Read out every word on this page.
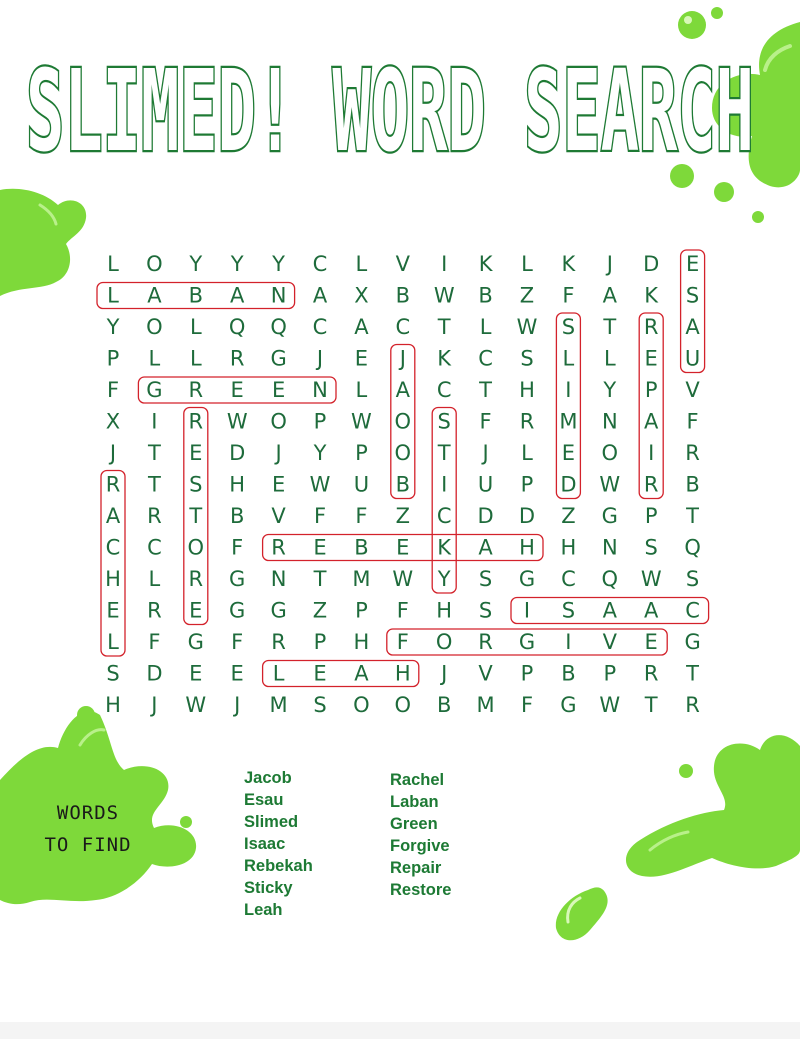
SLIMED! WORD SEARCH
L O Y Y Y C L V I K L K J D E
L A B A N A X B W B Z F A K S
Y O L Q Q C A C T L W S T R A
P L L R G J E J K C S L L E U
F G R E E N L A C T H I Y P V
X I R W O P W O S F R M N A F
J T E D J Y P O T J L E O I R
R T S H E W U B I U P D W R B
A R T B V F F Z C D D Z G P T
C C O F R E B E K A H H N S Q
H L R G N T M W Y S G C Q W S
E R E G G Z P F H S I S A A C
L F G F R P H F O R G I V E G
S D E E L E A H J V P B P R T
H J W J M S O O B M F G W T R
WORDS
TO FIND
Jacob
Esau
Slimed
Isaac
Rebekah
Sticky
Leah
Rachel
Laban
Green
Forgive
Repair
Restore
